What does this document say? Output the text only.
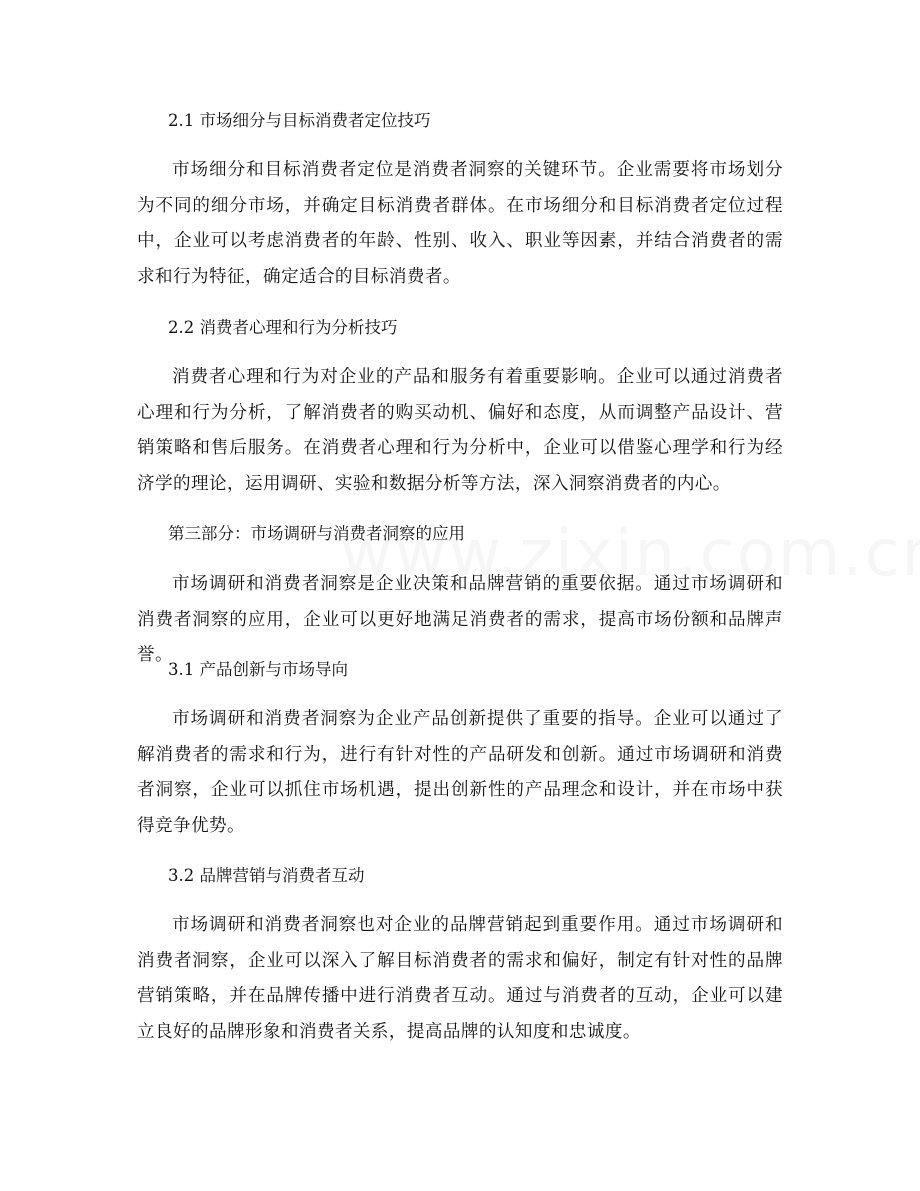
2.1 市场细分与目标消费者定位技巧
市场细分和目标消费者定位是消费者洞察的关键环节。企业需要将市场划分为不同的细分市场，并确定目标消费者群体。在市场细分和目标消费者定位过程中，企业可以考虑消费者的年龄、性别、收入、职业等因素，并结合消费者的需求和行为特征，确定适合的目标消费者。
2.2 消费者心理和行为分析技巧
消费者心理和行为对企业的产品和服务有着重要影响。企业可以通过消费者心理和行为分析，了解消费者的购买动机、偏好和态度，从而调整产品设计、营销策略和售后服务。在消费者心理和行为分析中，企业可以借鉴心理学和行为经济学的理论，运用调研、实验和数据分析等方法，深入洞察消费者的内心。
第三部分：市场调研与消费者洞察的应用
市场调研和消费者洞察是企业决策和品牌营销的重要依据。通过市场调研和消费者洞察的应用，企业可以更好地满足消费者的需求，提高市场份额和品牌声誉。
3.1 产品创新与市场导向
市场调研和消费者洞察为企业产品创新提供了重要的指导。企业可以通过了解消费者的需求和行为，进行有针对性的产品研发和创新。通过市场调研和消费者洞察，企业可以抓住市场机遇，提出创新性的产品理念和设计，并在市场中获得竞争优势。
3.2 品牌营销与消费者互动
市场调研和消费者洞察也对企业的品牌营销起到重要作用。通过市场调研和消费者洞察，企业可以深入了解目标消费者的需求和偏好，制定有针对性的品牌营销策略，并在品牌传播中进行消费者互动。通过与消费者的互动，企业可以建立良好的品牌形象和消费者关系，提高品牌的认知度和忠诚度。
